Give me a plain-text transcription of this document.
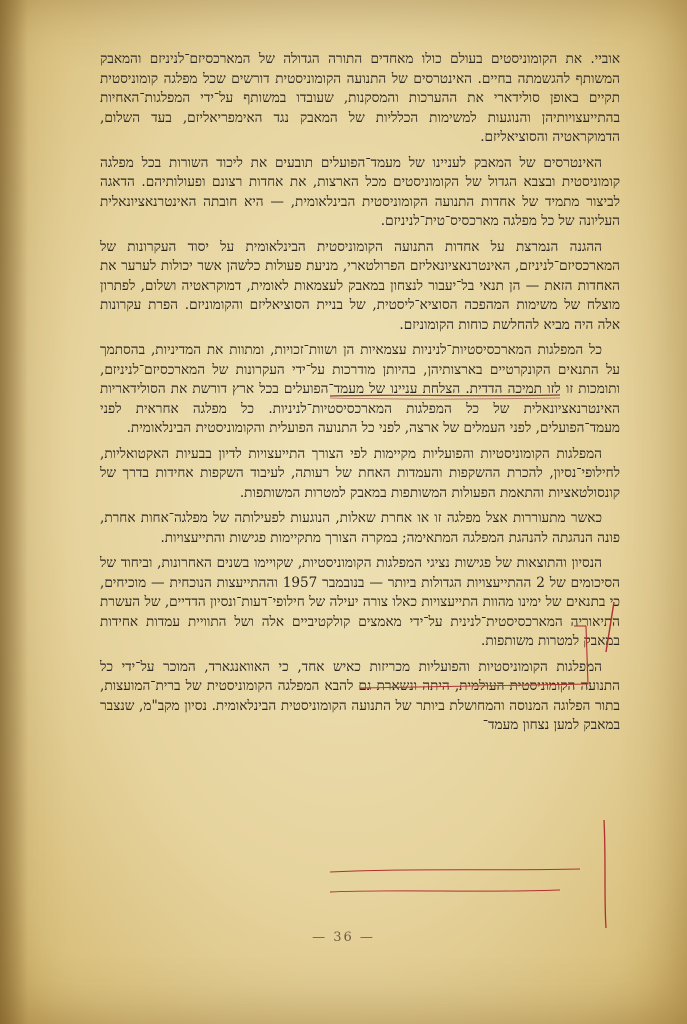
אוביי. את הקומוניסטים בעולם כולו מאחדים התורה הגדולה של המארכסיזם־לניניזם והמאבק המשותף להגשמתה בחיים. האינטרסים של התנועה הקומוניסטית דורשים שכל מפלגה קומוניסטית תקיים באופן סולידארי את ההערכות והמסקנות, שעובדו במשותף על־ידי המפלגות־האחיות בהתייעצויותיהן והנוגעות למשימות הכלליות של המאבק נגד האימפריאליזם, בעד השלום, הדמוקראטיה והסוציאליזם.

האינטרסים של המאבק לעניינו של מעמד־הפועלים תובעים את ליכוד השורות בכל מפלגה קומוניסטית ובצבא הגדול של הקומוניסטים מכל הארצות, את אחדות רצונם ופעולותיהם. הדאגה לביצור מתמיד של אחדות התנועה הקומוניסטית הבינלאומית, — היא חובתה האינטרנאציונאלית העליונה של כל מפלגה מארכסיס־טית־לניניזם.

ההגנה הנמרצת על אחדות התנועה הקומוניסטית הבינלאומית על יסוד העקרונות של המארכסיזם־לניניזם, האינטרנאציונאליזם הפרולטארי, מניעת פעולות כלשהן אשר יכולות לערער את האחדות הזאת — הן תנאי בל־יעבור לנצחון במאבק לעצמאות לאומית, דמוקראטיה ושלום, לפתרון מוצלח של משימות המהפכה הסוציא־ליסטית, של בניית הסוציאליזם והקומוניזם. הפרת עקרונות אלה היה מביא להחלשת כוחות הקומוניזם.

כל המפלגות המארכסיסטיות־לניניות עצמאיות הן ושוות־זכויות, ומתוות את המדיניות, בהסתמך על התנאים הקונקרטיים בארצותיהן, בהיותן מודרכות על־ידי העקרונות של המארכסיזם־לניניזם, ותומכות זו לזו תמיכה הדדית. הצלחת עניינו של מעמד־הפועלים בכל ארץ דורשת את הסולידאריות האינטרנאציונאלית של כל המפלגות המארכסיסטיות־לניניות. כל מפלגה אחראית לפני מעמד־הפועלים, לפני העמלים של ארצה, לפני כל התנועה הפועלית והקומוניסטית הבינלאומית.

המפלגות הקומוניסטיות והפועליות מקיימות לפי הצורך התייעצויות לדיון בבעיות האקטואליות, לחילופי־נסיון, להכרת ההשקפות והעמדות האחת של רעותה, לעיבוד השקפות אחידות בדרך של קונסולטאציות והתאמת הפעולות המשותפות במאבק למטרות המשותפות.

כאשר מתעוררות אצל מפלגה זו או אחרת שאלות, הנוגעות לפעילותה של מפלגה־אחות אחרת, פונה הנהגתה להנהגת המפלגה המתאימה; במקרה הצורך מתקיימות פגישות והתייעצויות.

הנסיון והתוצאות של פגישות נציגי המפלגות הקומוניסטיות, שקויימו בשנים האחרונות, וביחוד של הסיכומים של 2 ההתייעצויות הגדולות ביותר — בנובמבר 1957 וההתייעצות הנוכחית — מוכיחים, כי בתנאים של ימינו מהוות התייעצויות כאלו צורה יעילה של חילופי־דעות־ונסיון הדדיים, של העשרת התיאוריה המארכסיסטית־לנינית על־ידי מאמצים קולקטיביים אלה ושל התוויית עמדות אחידות במאבק למטרות משותפות.

המפלגות הקומוניסטיות והפועליות מכריזות כאיש אחד, כי האוואנגארד, המוכר על־ידי כל התנועה הקומוניסטית העולמית, היתה ונשארת גם להבא המפלגה הקומוניסטית של ברית־המועצות, בתור הפלוגה המנוסה והמחושלת ביותר של התנועה הקומוניסטית הבינלאומית. נסיון מקב"מ, שנצבר במאבק למען נצחון מעמד־

— 36 —
